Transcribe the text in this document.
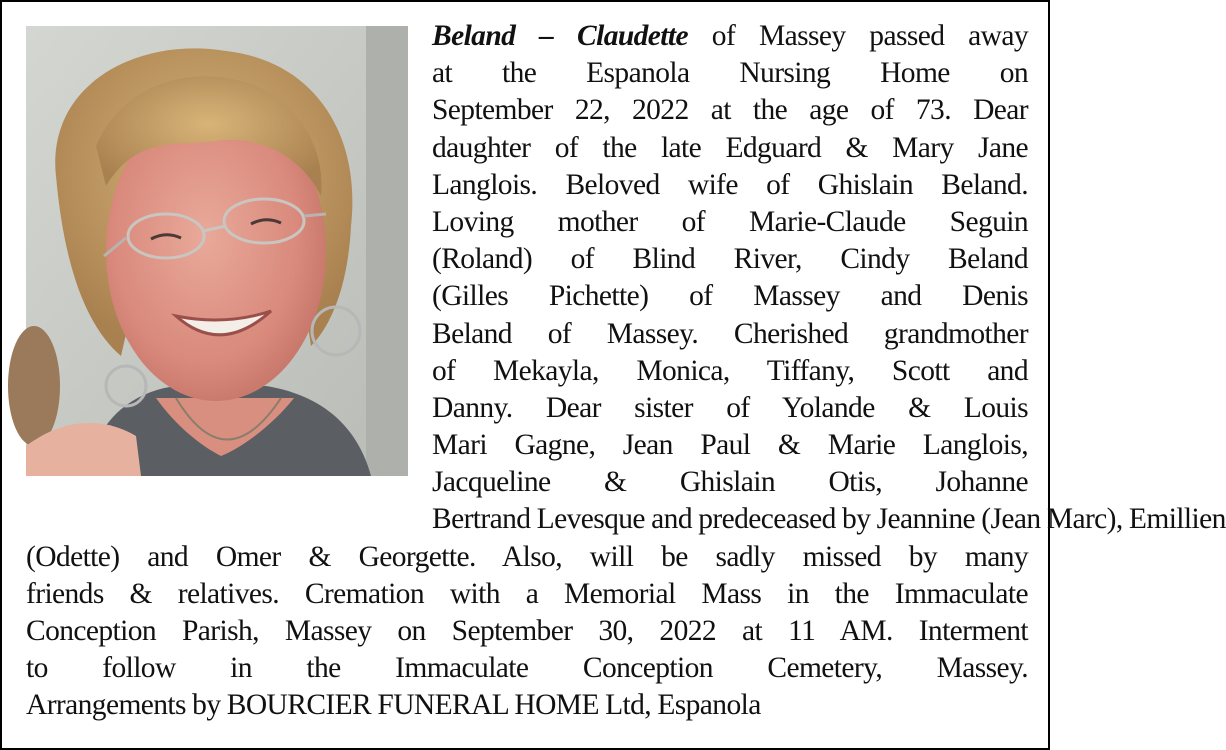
Beland – Claudette of Massey passed away
at the Espanola Nursing Home on
September 22, 2022 at the age of 73. Dear
daughter of the late Edguard & Mary Jane
Langlois. Beloved wife of Ghislain Beland.
Loving mother of Marie-Claude Seguin
(Roland) of Blind River, Cindy Beland
(Gilles Pichette) of Massey and Denis
Beland of Massey. Cherished grandmother
of Mekayla, Monica, Tiffany, Scott and
Danny. Dear sister of Yolande & Louis
Mari Gagne, Jean Paul & Marie Langlois,
Jacqueline & Ghislain Otis, Johanne
Bertrand Levesque and predeceased by Jeannine (Jean Marc), Emillien
(Odette) and Omer & Georgette. Also, will be sadly missed by many
friends & relatives. Cremation with a Memorial Mass in the Immaculate
Conception Parish, Massey on September 30, 2022 at 11 AM. Interment
to follow in the Immaculate Conception Cemetery, Massey.
Arrangements by BOURCIER FUNERAL HOME Ltd, Espanola
